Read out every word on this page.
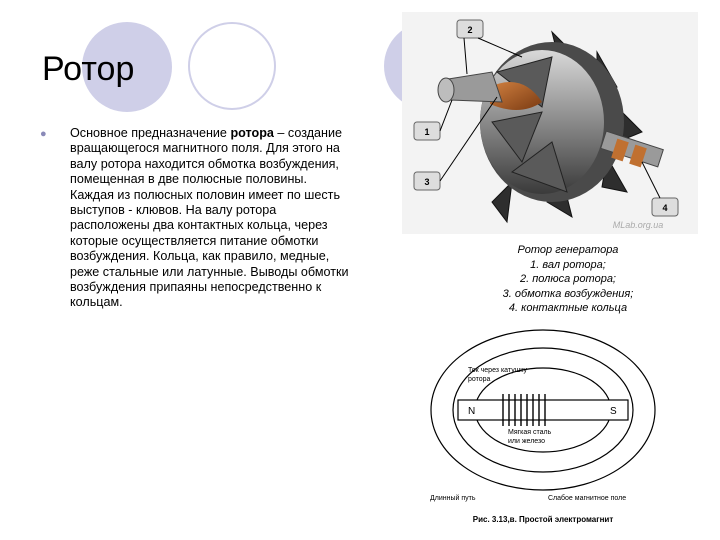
Ротор
● Основное предназначение ротора – создание вращающегося магнитного поля. Для этого на валу ротора находится обмотка возбуждения, помещенная в две полюсные половины. Каждая из полюсных половин имеет по шесть выступов - клювов. На валу ротора расположены два контактных кольца, через которые осуществляется питание обмотки возбуждения. Кольца, как правило, медные, реже стальные или латунные. Выводы обмотки возбуждения припаяны непосредственно к кольцам.
2
1
3
4
MLab.org.ua
Ротор генератора
1. вал ротора;
2. полюса ротора;
3. обмотка возбуждения;
4. контактные кольца
N	S
Ток через катушку
ротора
Мягкая сталь
или железо
Длинный путь	Слабое магнитное поле
Рис. 3.13,в. Простой электромагнит
